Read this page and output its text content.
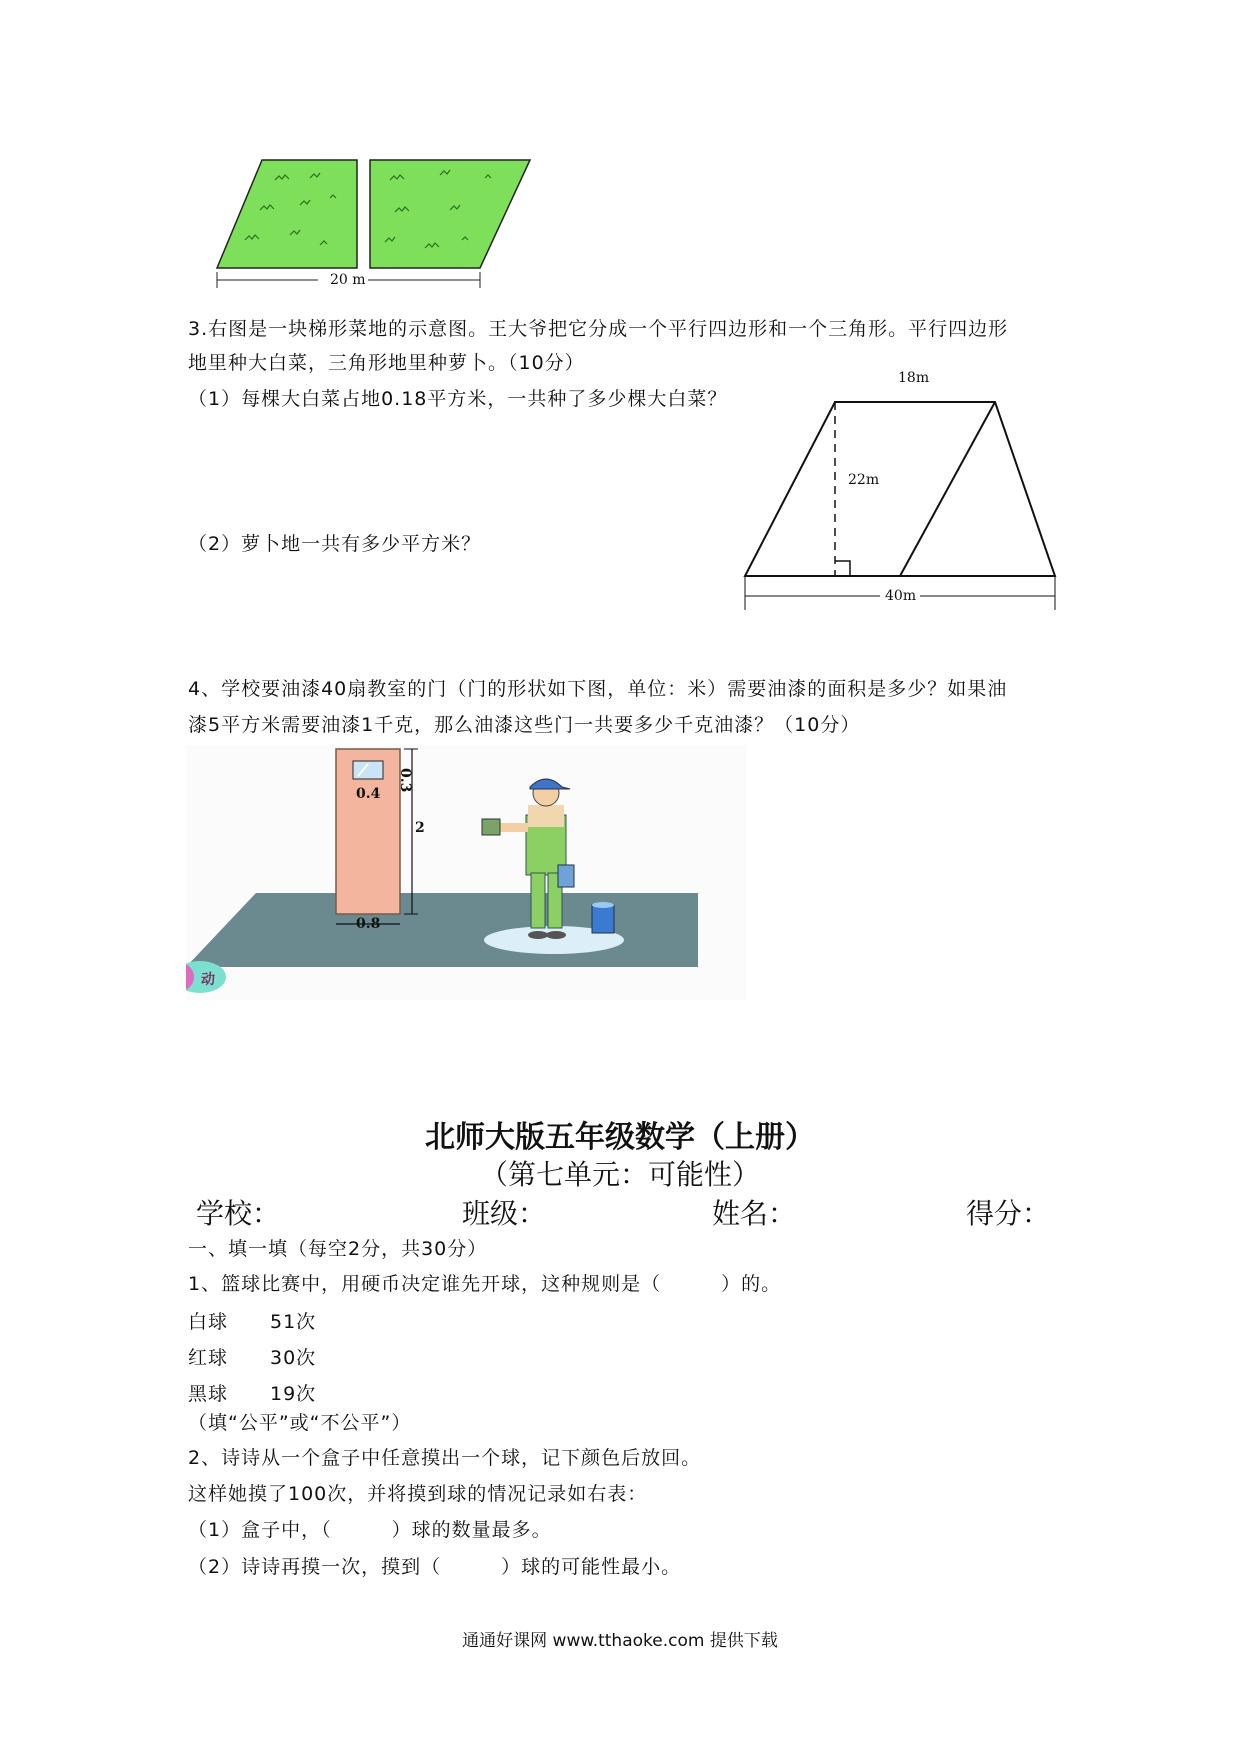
20 m
3.右图是一块梯形菜地的示意图。王大爷把它分成一个平行四边形和一个三角形。平行四边形
地里种大白菜，三角形地里种萝卜。（10分）
（1）每棵大白菜占地0.18平方米，一共种了多少棵大白菜？
（2）萝卜地一共有多少平方米？
18m
22m
40m
4、学校要油漆40扇教室的门（门的形状如下图，单位：米）需要油漆的面积是多少？如果油
漆5平方米需要油漆1千克，那么油漆这些门一共要多少千克油漆？（10分）
0.4
0.3
2
0.8
动
北师大版五年级数学（上册）
（第七单元：可能性）
学校：	班级：	姓名：	得分：
一、填一填（每空2分，共30分）
1、篮球比赛中，用硬币决定谁先开球，这种规则是（　　　）的。
白球 51次
红球 30次
黑球 19次
（填“公平”或“不公平”）
2、诗诗从一个盒子中任意摸出一个球，记下颜色后放回。
这样她摸了100次，并将摸到球的情况记录如右表：
（1）盒子中，（　　　）球的数量最多。
（2）诗诗再摸一次，摸到（　　　）球的可能性最小。
通通好课网 www.tthaoke.com 提供下载
